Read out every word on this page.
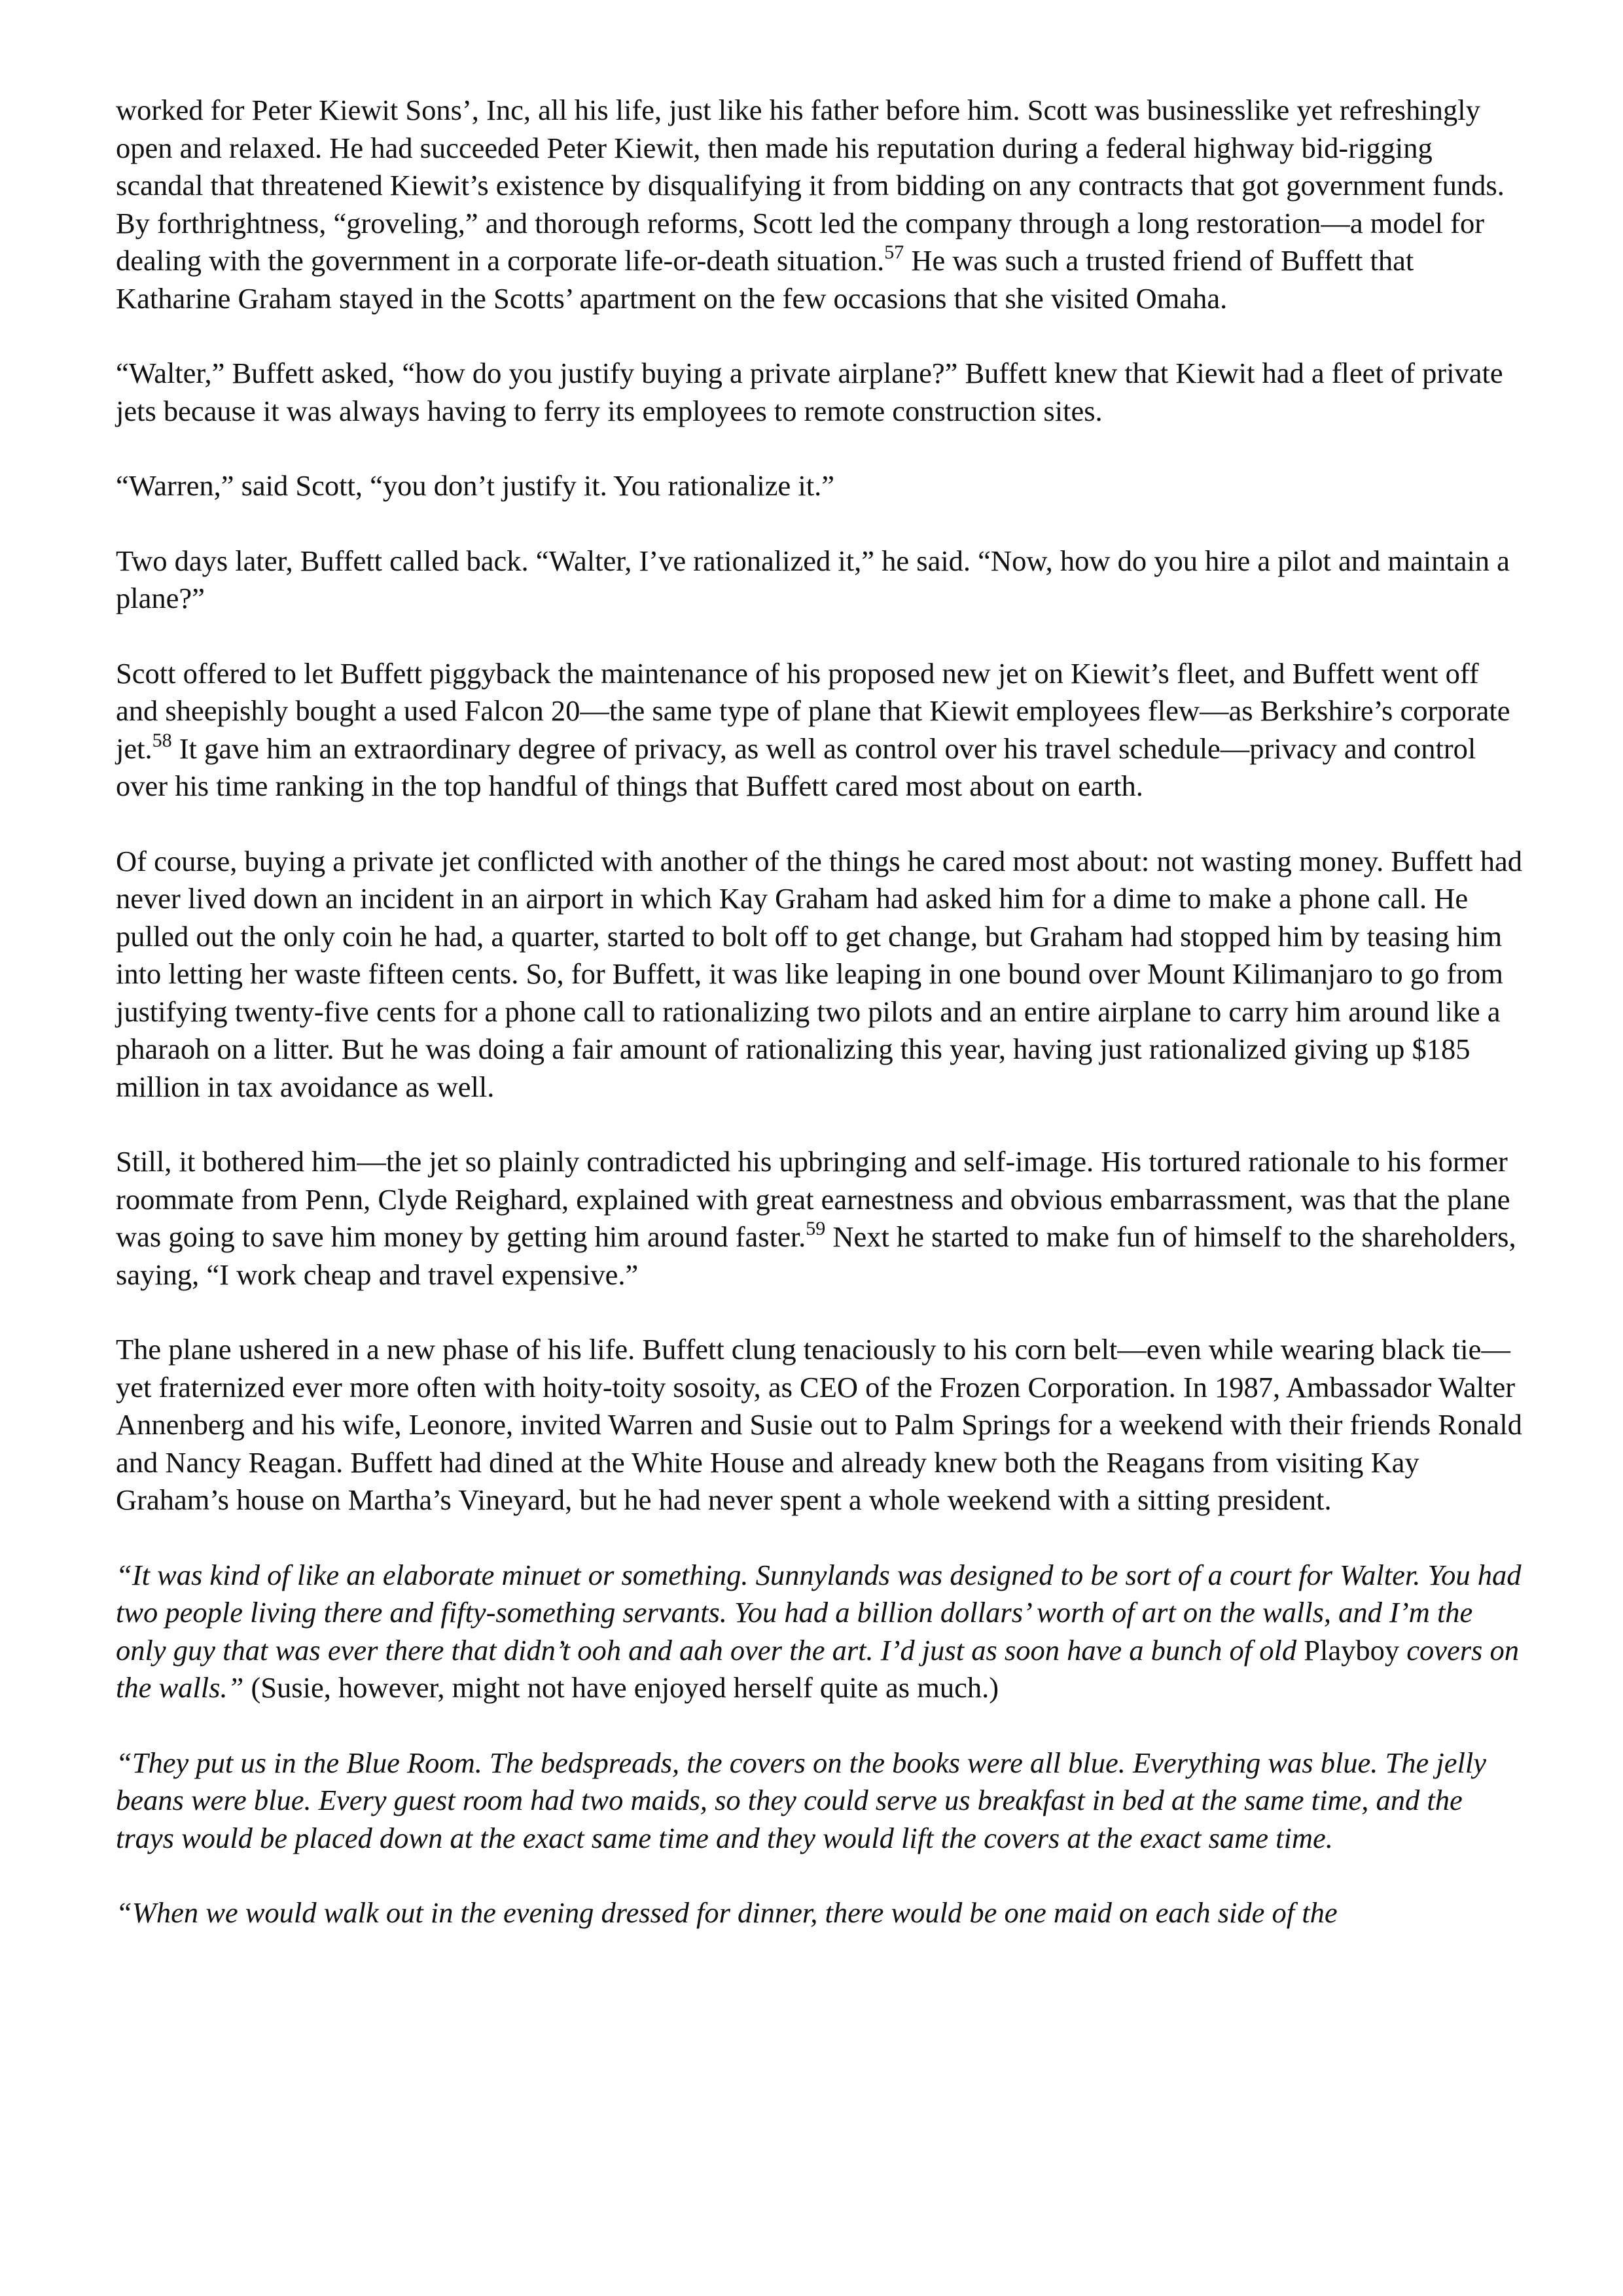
worked for Peter Kiewit Sons’, Inc, all his life, just like his father before him. Scott was businesslike yet refreshingly open and relaxed. He had succeeded Peter Kiewit, then made his reputation during a federal highway bid-rigging scandal that threatened Kiewit’s existence by disqualifying it from bidding on any contracts that got government funds. By forthrightness, “groveling,” and thorough reforms, Scott led the company through a long restoration—a model for dealing with the government in a corporate life-or-death situation.$^{57}$ He was such a trusted friend of Buffett that Katharine Graham stayed in the Scotts’ apartment on the few occasions that she visited Omaha.

“Walter,” Buffett asked, “how do you justify buying a private airplane?” Buffett knew that Kiewit had a fleet of private jets because it was always having to ferry its employees to remote construction sites.

“Warren,” said Scott, “you don’t justify it. You rationalize it.”

Two days later, Buffett called back. “Walter, I’ve rationalized it,” he said. “Now, how do you hire a pilot and maintain a plane?”

Scott offered to let Buffett piggyback the maintenance of his proposed new jet on Kiewit’s fleet, and Buffett went off and sheepishly bought a used Falcon 20—the same type of plane that Kiewit employees flew—as Berkshire’s corporate jet.$^{58}$ It gave him an extraordinary degree of privacy, as well as control over his travel schedule—privacy and control over his time ranking in the top handful of things that Buffett cared most about on earth.

Of course, buying a private jet conflicted with another of the things he cared most about: not wasting money. Buffett had never lived down an incident in an airport in which Kay Graham had asked him for a dime to make a phone call. He pulled out the only coin he had, a quarter, started to bolt off to get change, but Graham had stopped him by teasing him into letting her waste fifteen cents. So, for Buffett, it was like leaping in one bound over Mount Kilimanjaro to go from justifying twenty-five cents for a phone call to rationalizing two pilots and an entire airplane to carry him around like a pharaoh on a litter. But he was doing a fair amount of rationalizing this year, having just rationalized giving up $185 million in tax avoidance as well.

Still, it bothered him—the jet so plainly contradicted his upbringing and self-image. His tortured rationale to his former roommate from Penn, Clyde Reighard, explained with great earnestness and obvious embarrassment, was that the plane was going to save him money by getting him around faster.$^{59}$ Next he started to make fun of himself to the shareholders, saying, “I work cheap and travel expensive.”

The plane ushered in a new phase of his life. Buffett clung tenaciously to his corn belt—even while wearing black tie—yet fraternized ever more often with hoity-toity sosoity, as CEO of the Frozen Corporation. In 1987, Ambassador Walter Annenberg and his wife, Leonore, invited Warren and Susie out to Palm Springs for a weekend with their friends Ronald and Nancy Reagan. Buffett had dined at the White House and already knew both the Reagans from visiting Kay Graham’s house on Martha’s Vineyard, but he had never spent a whole weekend with a sitting president.

“It was kind of like an elaborate minuet or something. Sunnylands was designed to be sort of a court for Walter. You had two people living there and fifty-something servants. You had a billion dollars’ worth of art on the walls, and I’m the only guy that was ever there that didn’t ooh and aah over the art. I’d just as soon have a bunch of old Playboy covers on the walls.” (Susie, however, might not have enjoyed herself quite as much.)

“They put us in the Blue Room. The bedspreads, the covers on the books were all blue. Everything was blue. The jelly beans were blue. Every guest room had two maids, so they could serve us breakfast in bed at the same time, and the trays would be placed down at the exact same time and they would lift the covers at the exact same time.

“When we would walk out in the evening dressed for dinner, there would be one maid on each side of the
